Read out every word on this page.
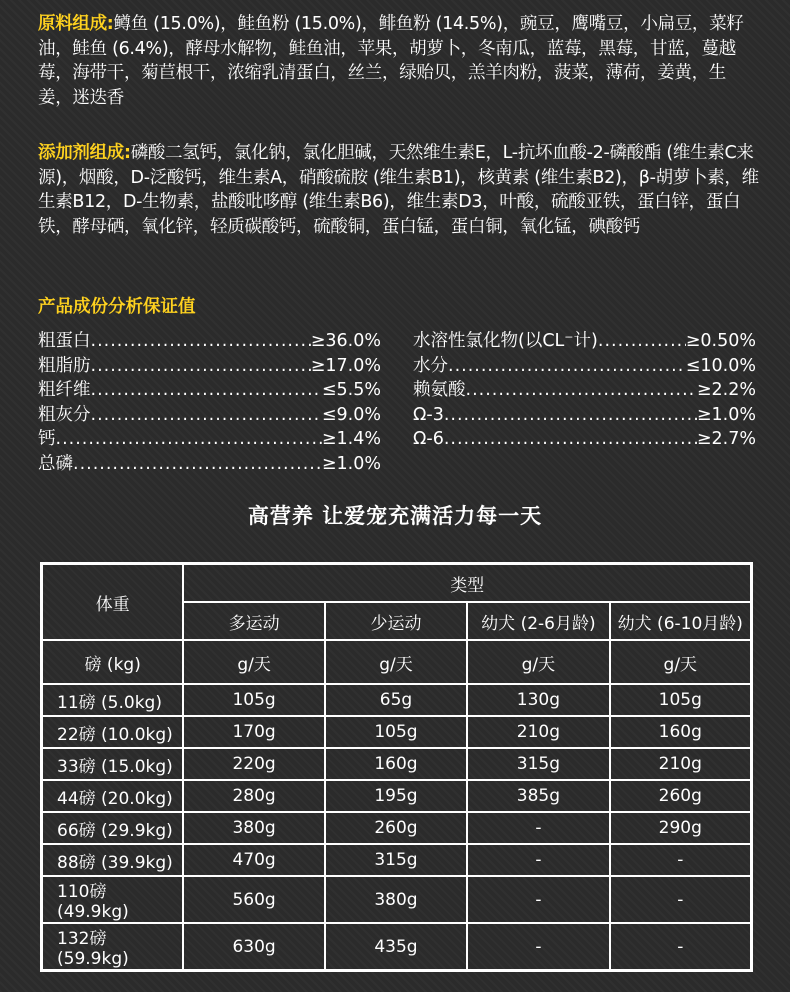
原料组成:鳟鱼 (15.0%)，鲑鱼粉 (15.0%)，鲱鱼粉 (14.5%)，豌豆，鹰嘴豆，小扁豆，菜籽油，鲑鱼 (6.4%)，酵母水解物，鲑鱼油，苹果，胡萝卜，冬南瓜，蓝莓，黑莓，甘蓝，蔓越莓，海带干，菊苣根干，浓缩乳清蛋白，丝兰，绿贻贝，羔羊肉粉，菠菜，薄荷，姜黄，生姜，迷迭香
添加剂组成:磷酸二氢钙，氯化钠，氯化胆碱，天然维生素E，L-抗坏血酸-2-磷酸酯 (维生素C来源)，烟酸，D-泛酸钙，维生素A，硝酸硫胺 (维生素B1)，核黄素 (维生素B2)，β-胡萝卜素，维生素B12，D-生物素，盐酸吡哆醇 (维生素B6)，维生素D3，叶酸，硫酸亚铁，蛋白锌，蛋白铁，酵母硒，氧化锌，轻质碳酸钙，硫酸铜，蛋白锰，蛋白铜，氧化锰，碘酸钙
产品成份分析保证值
粗蛋白 .....	≥36.0%
粗脂肪 .....	≥17.0%
粗纤维 .....	≤5.5%
粗灰分 .....	≤9.0%
钙 .....	≥1.4%
总磷 .....	≥1.0%
水溶性氯化物(以CL⁻计) .....	≥0.50%
水分 .....	≤10.0%
赖氨酸 .....	≥2.2%
Ω-3 .....	≥1.0%
Ω-6 .....	≥2.7%
高营养 让爱宠充满活力每一天
体重	类型			
	多运动	少运动	幼犬 (2-6月龄)	幼犬 (6-10月龄)
磅 (kg)	g/天	g/天	g/天	g/天
11磅 (5.0kg)	105g	65g	130g	105g
22磅 (10.0kg)	170g	105g	210g	160g
33磅 (15.0kg)	220g	160g	315g	210g
44磅 (20.0kg)	280g	195g	385g	260g
66磅 (29.9kg)	380g	260g	-	290g
88磅 (39.9kg)	470g	315g	-	-
110磅 (49.9kg)	560g	380g	-	-
132磅 (59.9kg)	630g	435g	-	-
